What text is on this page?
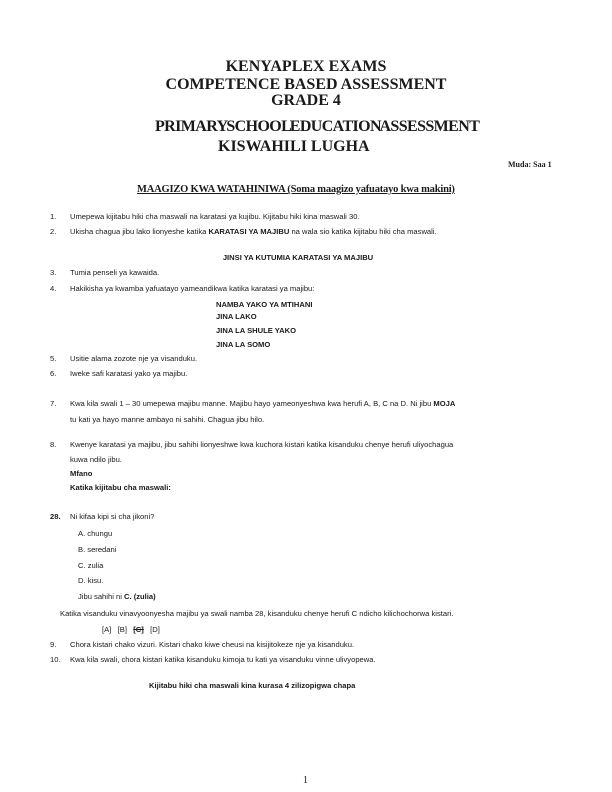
KENYAPLEX EXAMS
COMPETENCE BASED ASSESSMENT
GRADE 4
PRIMARY SCHOOL EDUCATION ASSESSMENT
KISWAHILI LUGHA
Muda: Saa 1
MAAGIZO KWA WATAHINIWA (Soma maagizo yafuatayo kwa makini)
1. Umepewa kijitabu hiki cha maswali na karatasi ya kujibu. Kijitabu hiki kina maswali 30.
2. Ukisha chagua jibu lako lionyeshe katika KARATASI YA MAJIBU na wala sio katika kijitabu hiki cha maswali.
JINSI YA KUTUMIA KARATASI YA MAJIBU
3. Tumia penseli ya kawaida.
4. Hakikisha ya kwamba yafuatayo yameandikwa katika karatasi ya majibu:
NAMBA YAKO YA MTIHANI
JINA LAKO
JINA LA SHULE YAKO
JINA LA SOMO
5. Usitie alama zozote nje ya visanduku.
6. Iweke safi karatasi yako ya majibu.
7. Kwa kila swali 1 – 30 umepewa majibu manne. Majibu hayo yameonyeshwa kwa herufi A, B, C na D. Ni jibu MOJA
tu kati ya hayo manne ambayo ni sahihi. Chagua jibu hilo.
8. Kwenye karatasi ya majibu, jibu sahihi lionyeshwe kwa kuchora kistari katika kisanduku chenye herufi uliyochagua
kuwa ndilo jibu.
Mfano
Katika kijitabu cha maswali:
28. Ni kifaa kipi si cha jikoni?
A. chungu
B. seredani
C. zulia
D. kisu.
Jibu sahihi ni C. (zulia)
Katika visanduku vinavyoonyesha majibu ya swali namba 28, kisanduku chenye herufi C ndicho kilichochorwa kistari.
[A] [B] [C] [D]
9. Chora kistari chako vizuri. Kistari chako kiwe cheusi na kisijitokeze nje ya kisanduku.
10. Kwa kila swali, chora kistari katika kisanduku kimoja tu kati ya visanduku vinne ulivyopewa.
Kijitabu hiki cha maswali kina kurasa 4 zilizopigwa chapa
1
